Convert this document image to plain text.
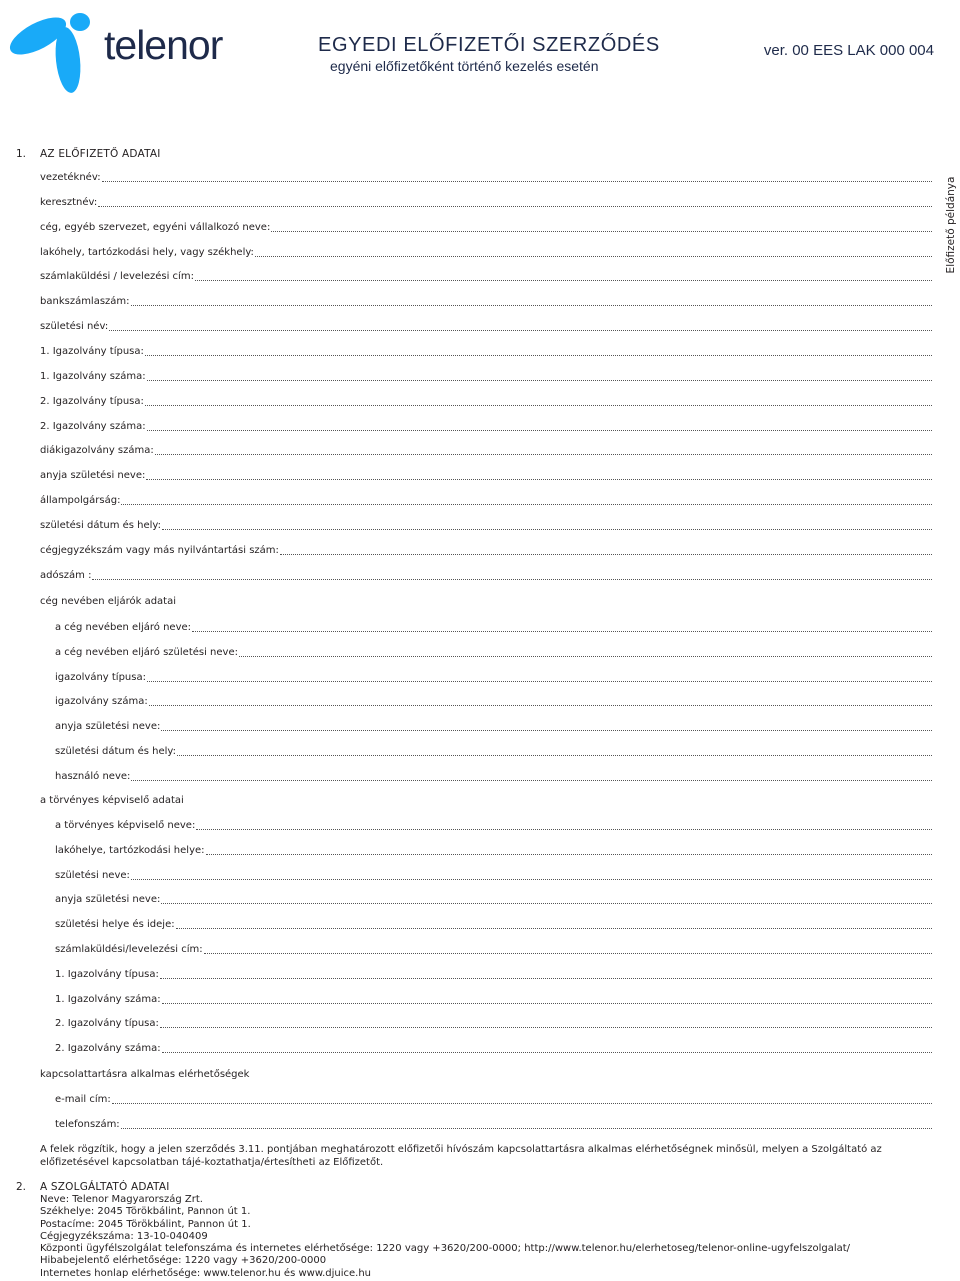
telenor	EGYEDI ELŐFIZETŐI SZERZŐDÉS
egyéni előfizetőként történő kezelés esetén
ver. 00 EES LAK 000 004
Előfizető példánya
1. AZ ELŐFIZETŐ ADATAI
vezetéknév:
keresztnév:
cég, egyéb szervezet, egyéni vállalkozó neve:
lakóhely, tartózkodási hely, vagy székhely:
számlaküldési / levelezési cím:
bankszámlaszám:
születési név:
1. Igazolvány típusa:
1. Igazolvány száma:
2. Igazolvány típusa:
2. Igazolvány száma:
diákigazolvány száma:
anyja születési neve:
állampolgárság:
születési dátum és hely:
cégjegyzékszám vagy más nyilvántartási szám:
adószám :
cég nevében eljárók adatai
a cég nevében eljáró neve:
a cég nevében eljáró születési neve:
igazolvány típusa:
igazolvány száma:
anyja születési neve:
születési dátum és hely:
használó neve:
a törvényes képviselő adatai
a törvényes képviselő neve:
lakóhelye, tartózkodási helye:
születési neve:
anyja születési neve:
születési helye és ideje:
számlaküldési/levelezési cím:
1. Igazolvány típusa:
1. Igazolvány száma:
2. Igazolvány típusa:
2. Igazolvány száma:
kapcsolattartásra alkalmas elérhetőségek
e-mail cím:
telefonszám:
A felek rögzítik, hogy a jelen szerződés 3.11. pontjában meghatározott előfizetői hívószám kapcsolattartásra alkalmas elérhetőségnek minősül, melyen a Szolgáltató az előfizetésével kapcsolatban tájé-koztathatja/értesítheti az Előfizetőt.
2. A SZOLGÁLTATÓ ADATAI
Neve: Telenor Magyarország Zrt.
Székhelye: 2045 Törökbálint, Pannon út 1.
Postacíme: 2045 Törökbálint, Pannon út 1.
Cégjegyzékszáma: 13-10-040409
Központi ügyfélszolgálat telefonszáma és internetes elérhetősége: 1220 vagy +3620/200-0000; http://www.telenor.hu/elerhetoseg/telenor-online-ugyfelszolgalat/
Hibabejelentő elérhetősége: 1220 vagy +3620/200-0000
Internetes honlap elérhetősége: www.telenor.hu és www.djuice.hu
